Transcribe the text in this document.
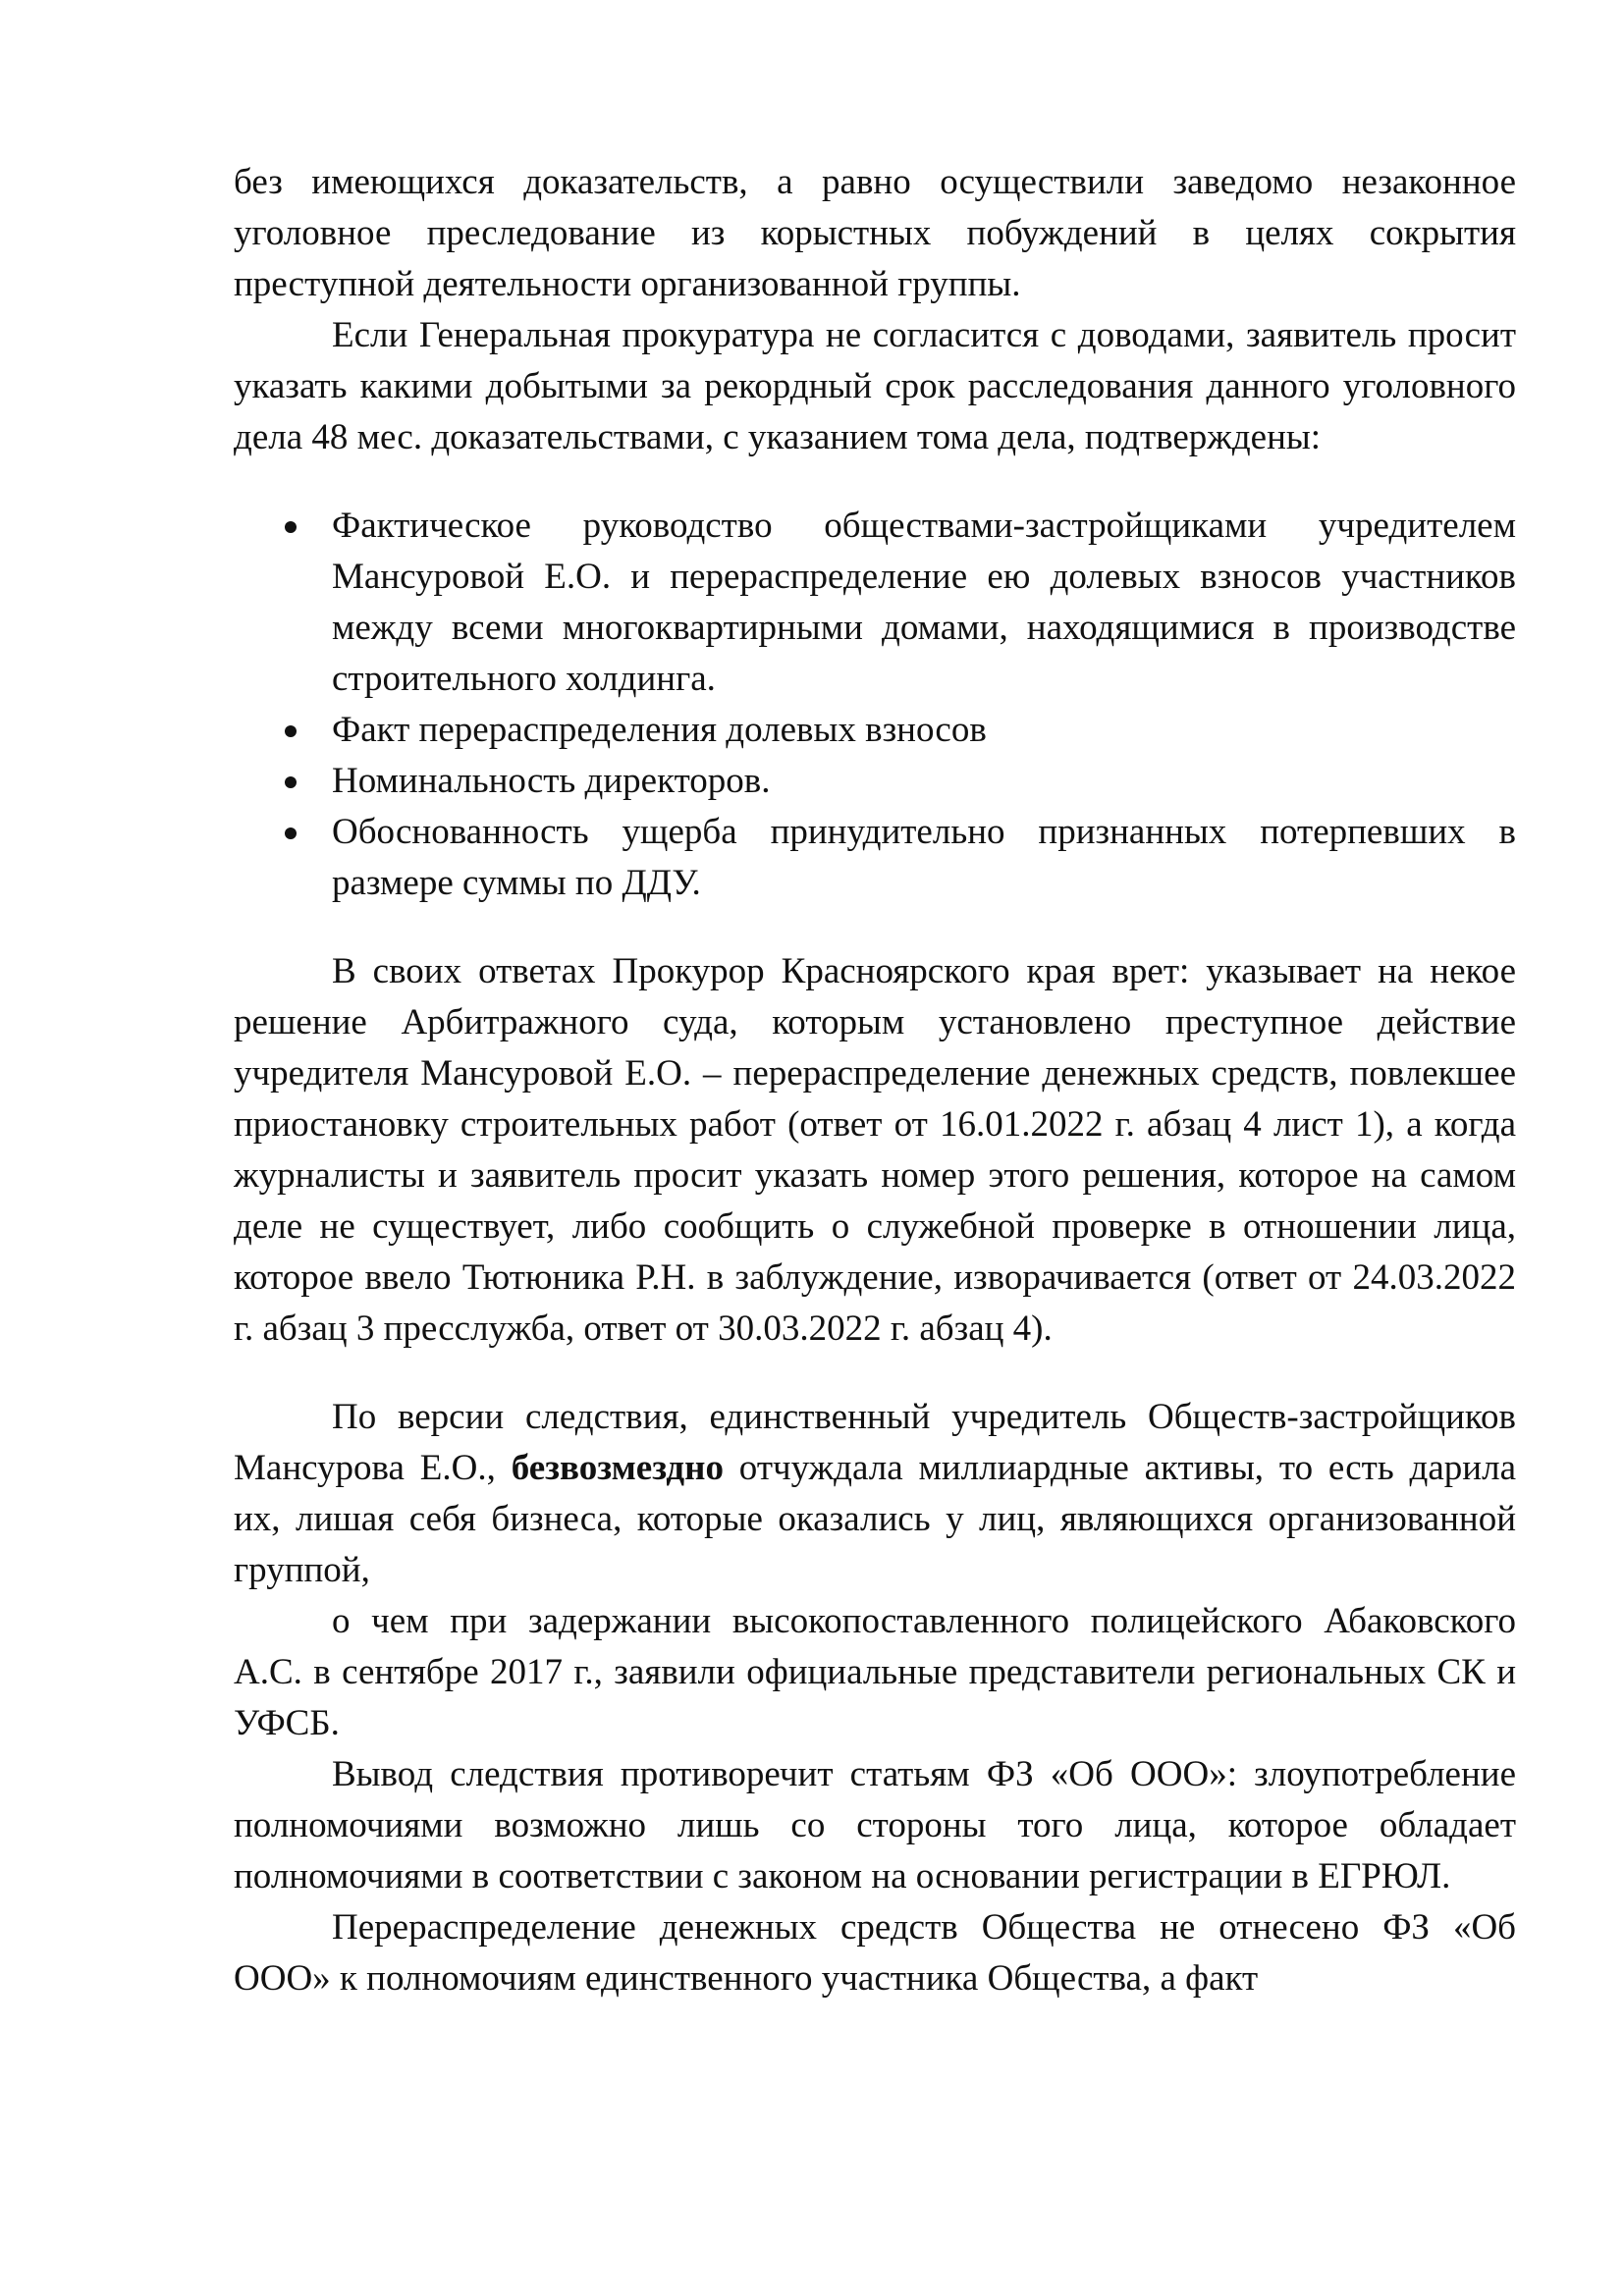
без имеющихся доказательств, а равно осуществили заведомо незаконное уголовное преследование из корыстных побуждений в целях сокрытия преступной деятельности организованной группы.

Если Генеральная прокуратура не согласится с доводами, заявитель просит указать какими добытыми за рекордный срок расследования данного уголовного дела 48 мес. доказательствами, с указанием тома дела, подтверждены:

Фактическое руководство обществами-застройщиками учредителем Мансуровой Е.О. и перераспределение ею долевых взносов участников между всеми многоквартирными домами, находящимися в производстве строительного холдинга.
Факт перераспределения долевых взносов
Номинальность директоров.
Обоснованность ущерба принудительно признанных потерпевших в размере суммы по ДДУ.

В своих ответах Прокурор Красноярского края врет: указывает на некое решение Арбитражного суда, которым установлено преступное действие учредителя Мансуровой Е.О. – перераспределение денежных средств, повлекшее приостановку строительных работ (ответ от 16.01.2022 г. абзац 4 лист 1), а когда журналисты и заявитель просит указать номер этого решения, которое на самом деле не существует, либо сообщить о служебной проверке в отношении лица, которое ввело Тютюника Р.Н. в заблуждение, изворачивается (ответ от 24.03.2022 г. абзац 3 пресслужба, ответ от 30.03.2022 г. абзац 4).

По версии следствия, единственный учредитель Обществ-застройщиков Мансурова Е.О., безвозмездно отчуждала миллиардные активы, то есть дарила их, лишая себя бизнеса, которые оказались у лиц, являющихся организованной группой,

о чем при задержании высокопоставленного полицейского Абаковского А.С. в сентябре 2017 г., заявили официальные представители региональных СК и УФСБ.

Вывод следствия противоречит статьям ФЗ «Об ООО»: злоупотребление полномочиями возможно лишь со стороны того лица, которое обладает полномочиями в соответствии с законом на основании регистрации в ЕГРЮЛ.

Перераспределение денежных средств Общества не отнесено ФЗ «Об ООО» к полномочиям единственного участника Общества, а факт
